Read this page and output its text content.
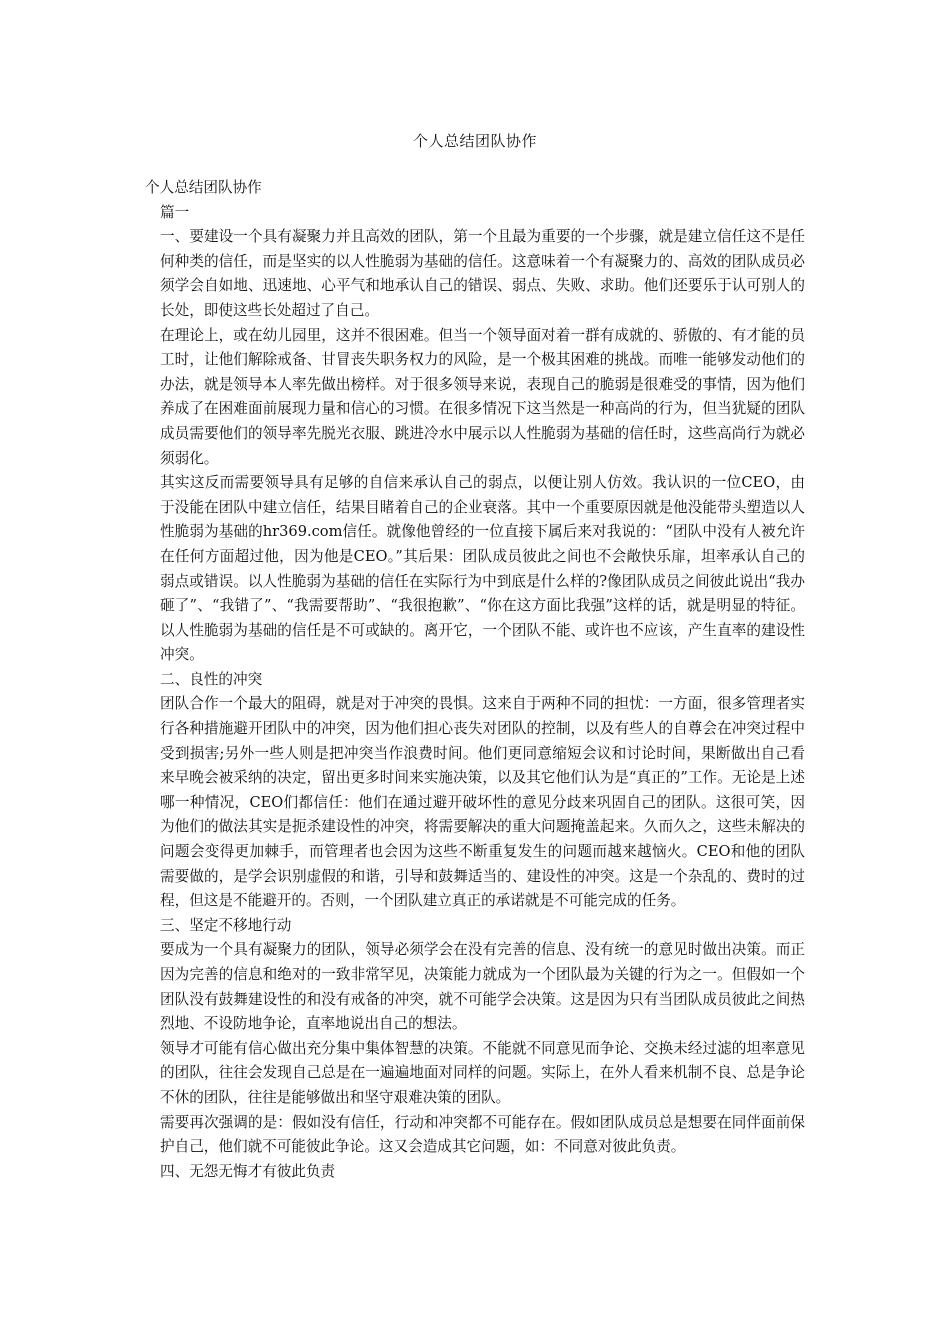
个人总结团队协作

个人总结团队协作

篇一

一、要建设一个具有凝聚力并且高效的团队，第一个且最为重要的一个步骤，就是建立信任这不是任何种类的信任，而是坚实的以人性脆弱为基础的信任。这意味着一个有凝聚力的、高效的团队成员必须学会自如地、迅速地、心平气和地承认自己的错误、弱点、失败、求助。他们还要乐于认可别人的长处，即使这些长处超过了自己。

在理论上，或在幼儿园里，这并不很困难。但当一个领导面对着一群有成就的、骄傲的、有才能的员工时，让他们解除戒备、甘冒丧失职务权力的风险，是一个极其困难的挑战。而唯一能够发动他们的办法，就是领导本人率先做出榜样。对于很多领导来说，表现自己的脆弱是很难受的事情，因为他们养成了在困难面前展现力量和信心的习惯。在很多情况下这当然是一种高尚的行为，但当犹疑的团队成员需要他们的领导率先脱光衣服、跳进冷水中展示以人性脆弱为基础的信任时，这些高尚行为就必须弱化。

其实这反而需要领导具有足够的自信来承认自己的弱点，以便让别人仿效。我认识的一位CEO，由于没能在团队中建立信任，结果目睹着自己的企业衰落。其中一个重要原因就是他没能带头塑造以人性脆弱为基础的hr369.com信任。就像他曾经的一位直接下属后来对我说的：“团队中没有人被允许在任何方面超过他，因为他是CEO。”其后果：团队成员彼此之间也不会敞快乐扉，坦率承认自己的弱点或错误。以人性脆弱为基础的信任在实际行为中到底是什么样的?像团队成员之间彼此说出“我办砸了”、“我错了”、“我需要帮助”、“我很抱歉”、“你在这方面比我强”这样的话，就是明显的特征。以人性脆弱为基础的信任是不可或缺的。离开它，一个团队不能、或许也不应该，产生直率的建设性冲突。

二、良性的冲突

团队合作一个最大的阻碍，就是对于冲突的畏惧。这来自于两种不同的担忧：一方面，很多管理者实行各种措施避开团队中的冲突，因为他们担心丧失对团队的控制，以及有些人的自尊会在冲突过程中受到损害;另外一些人则是把冲突当作浪费时间。他们更同意缩短会议和讨论时间，果断做出自己看来早晚会被采纳的决定，留出更多时间来实施决策，以及其它他们认为是“真正的”工作。无论是上述哪一种情况，CEO们都信任：他们在通过避开破坏性的意见分歧来巩固自己的团队。这很可笑，因为他们的做法其实是扼杀建设性的冲突，将需要解决的重大问题掩盖起来。久而久之，这些未解决的问题会变得更加棘手，而管理者也会因为这些不断重复发生的问题而越来越恼火。CEO和他的团队需要做的，是学会识别虚假的和谐，引导和鼓舞适当的、建设性的冲突。这是一个杂乱的、费时的过程，但这是不能避开的。否则，一个团队建立真正的承诺就是不可能完成的任务。

三、坚定不移地行动

要成为一个具有凝聚力的团队，领导必须学会在没有完善的信息、没有统一的意见时做出决策。而正因为完善的信息和绝对的一致非常罕见，决策能力就成为一个团队最为关键的行为之一。但假如一个团队没有鼓舞建设性的和没有戒备的冲突，就不可能学会决策。这是因为只有当团队成员彼此之间热烈地、不设防地争论，直率地说出自己的想法。

领导才可能有信心做出充分集中集体智慧的决策。不能就不同意见而争论、交换未经过滤的坦率意见的团队，往往会发现自己总是在一遍遍地面对同样的问题。实际上，在外人看来机制不良、总是争论不休的团队，往往是能够做出和坚守艰难决策的团队。

需要再次强调的是：假如没有信任，行动和冲突都不可能存在。假如团队成员总是想要在同伴面前保护自己，他们就不可能彼此争论。这又会造成其它问题，如：不同意对彼此负责。

四、无怨无悔才有彼此负责
